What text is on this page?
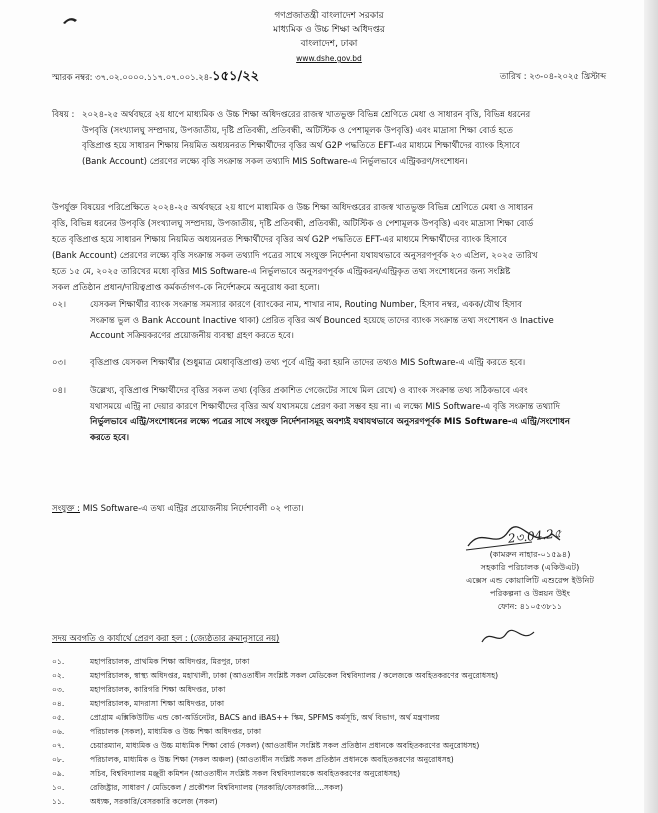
গণপ্রজাতন্ত্রী বাংলাদেশ সরকার
মাধ্যমিক ও উচ্চ শিক্ষা অধিদপ্তর
বাংলাদেশ, ঢাকা
www.dshe.gov.bd
স্মারক নম্বর: ৩৭.০২.০০০০.১১৭.০৭.০০১.২৪-১৫১/২২	তারিখ : ২৩-০৪-২০২৫ খ্রিস্টাব্দ
বিষয় : ২০২৪-২৫ অর্থবছরে ২য় ধাপে মাধ্যমিক ও উচ্চ শিক্ষা অধিদপ্তরের রাজস্ব খাতভুক্ত বিভিন্ন শ্রেণিতে মেধা ও সাধারন বৃত্তি, বিভিন্ন ধরনের
উপবৃত্তি (সংখ্যালঘু সম্প্রদায়, উপজাতীয়, দৃষ্টি প্রতিবন্ধী, প্রতিবন্ধী, অটিস্টিক ও পেশামূলক উপবৃত্তি) এবং মাদ্রাসা শিক্ষা বোর্ড হতে
বৃত্তিপ্রাপ্ত হয়ে সাধারন শিক্ষায় নিয়মিত অধ্যয়নরত শিক্ষার্থীদের বৃত্তির অর্থ G2P পদ্ধতিতে EFT-এর মাধ্যমে শিক্ষার্থীদের ব্যাংক হিসাবে
(Bank Account) প্রেরণের লক্ষ্যে বৃত্তি সংক্রান্ত সকল তথ্যাদি MIS Software-এ নির্ভুলভাবে এন্ট্রিকরণ/সংশোধন।
উপর্যুক্ত বিষয়ের পরিপ্রেক্ষিতে ২০২৪-২৫ অর্থবছরে ২য় ধাপে মাধ্যমিক ও উচ্চ শিক্ষা অধিদপ্তরের রাজস্ব খাতভুক্ত বিভিন্ন শ্রেণিতে মেধা ও সাধারন
বৃত্তি, বিভিন্ন ধরনের উপবৃত্তি (সংখ্যালঘু সম্প্রদায়, উপজাতীয়, দৃষ্টি প্রতিবন্ধী, প্রতিবন্ধী, অটিস্টিক ও পেশামূলক উপবৃত্তি) এবং মাদ্রাসা শিক্ষা বোর্ড
হতে বৃত্তিপ্রাপ্ত হয়ে সাধারন শিক্ষায় নিয়মিত অধ্যয়নরত শিক্ষার্থীদের বৃত্তির অর্থ G2P পদ্ধতিতে EFT-এর মাধ্যমে শিক্ষার্থীদের ব্যাংক হিসাবে
(Bank Account) প্রেরণের লক্ষ্যে বৃত্তি সংক্রান্ত সকল তথ্যাদি পত্রের সাথে সংযুক্ত নির্দেশনা যথাযথভাবে অনুসরণপূর্বক ২৩ এপ্রিল, ২০২৫ তারিখ
হতে ১৫ মে, ২০২৫ তারিখের মধ্যে বৃত্তির MIS Software-এ নির্ভুলভাবে অনুসরণপূর্বক এন্ট্রিকরন/এন্ট্রিকৃত তথ্য সংশোধনের জন্য সংশ্লিষ্ট
সকল প্রতিষ্ঠান প্রধান/দায়িত্বপ্রাপ্ত কর্মকর্তাগণ-কে নির্দেশক্রমে অনুরোধ করা হলো।
০২।	যেসকল শিক্ষার্থীর ব্যাংক সংক্রান্ত সমস্যার কারণে (ব্যাংকের নাম, শাখার নাম, Routing Number, হিসাব নম্বর, একক/যৌথ হিসাব
সংক্রান্ত ভুল ও Bank Account Inactive থাকা) প্রেরিত বৃত্তির অর্থ Bounced হয়েছে তাদের ব্যাংক সংক্রান্ত তথ্য সংশোধন ও Inactive
Account সক্রিয়করণের প্রয়োজনীয় ব্যবস্থা গ্রহণ করতে হবে।
০৩।	বৃত্তিপ্রাপ্ত যেসকল শিক্ষার্থীর (শুধুমাত্র মেধাবৃত্তিপ্রাপ্ত) তথ্য পূর্বে এন্ট্রি করা হয়নি তাদের তথ্যও MIS Software-এ এন্ট্রি করতে হবে।
০৪।	উল্লেখ্য, বৃত্তিপ্রাপ্ত শিক্ষার্থীদের বৃত্তির সকল তথ্য (বৃত্তির প্রকাশিত গেজেটের সাথে মিল রেখে) ও ব্যাংক সংক্রান্ত তথ্য সঠিকভাবে এবং
যথাসময়ে এন্ট্রি না দেয়ার কারণে শিক্ষার্থীদের বৃত্তির অর্থ যথাসময়ে প্রেরণ করা সম্ভব হয় না। এ লক্ষ্যে MIS Software-এ বৃত্তি সংক্রান্ত তথ্যাদি
নির্ভুলভাবে এন্ট্রি/সংশোধনের লক্ষ্যে পত্রের সাথে সংযুক্ত নির্দেশনাসমূহ অবশ্যই যথাযথভাবে অনুসরণপূর্বক MIS Software-এ এন্ট্রি/সংশোধন
করতে হবে।
সংযুক্ত : MIS Software-এ তথ্য এন্ট্রির প্রয়োজনীয় নির্দেশাবলী ০২ পাতা।
2৩.04.2৫
(কামরুন নাহার-০১৫৯৪)
সহকারি পরিচালক (একিউএট)
এক্সেস এন্ড কোয়ালিটি এশুরেন্স ইউনিট
পরিকল্পনা ও উন্নয়ন উইং
ফোন: ৪১০৫৩৮১১
সদয় অবগতি ও কার্যার্থে প্রেরণ করা হল : (জ্যেষ্ঠতার ক্রমানুসারে নয়)
০১.	মহাপরিচালক, প্রাথমিক শিক্ষা অধিদপ্তর, মিরপুর, ঢাকা
০২.	মহাপরিচালক, স্বাস্থ্য অধিদপ্তর, মহাখালী, ঢাকা (আওতাধীন সংশ্লিষ্ট সকল মেডিকেল বিশ্ববিদ্যালয় / কলেজকে অবহিতকরণের অনুরোধসহ)
০৩.	মহাপরিচালক, কারিগরি শিক্ষা অধিদপ্তর, ঢাকা
০৪.	মহাপরিচালক, মাদরাসা শিক্ষা অধিদপ্তর, ঢাকা
০৫.	প্রোগ্রাম এক্সিকিউটিভ এন্ড কো-অর্ডিনেটর, BACS and iBAS++ স্কিম, SPFMS কর্মসূচি, অর্থ বিভাগ, অর্থ মন্ত্রণালয়
০৬.	পরিচালক (সকল), মাধ্যমিক ও উচ্চ শিক্ষা অধিদপ্তর, ঢাকা
০৭.	চেয়ারম্যান, মাধ্যমিক ও উচ্চ মাধ্যমিক শিক্ষা বোর্ড (সকল) (আওতাধীন সংশ্লিষ্ট সকল প্রতিষ্ঠান প্রধানকে অবহিতকরণের অনুরোধসহ)
০৮.	পরিচালক, মাধ্যমিক ও উচ্চ শিক্ষা (সকল অঞ্চল) (আওতাধীন সংশ্লিষ্ট সকল প্রতিষ্ঠান প্রধানকে অবহিতকরণের অনুরোধসহ)
০৯.	সচিব, বিশ্ববিদ্যালয় মঞ্জুরী কমিশন (আওতাধীন সংশ্লিষ্ট সকল বিশ্ববিদ্যালয়কে অবহিতকরণের অনুরোধসহ)
১০.	রেজিষ্ট্রার, সাধারণ / মেডিকেল / প্রকৌশল বিশ্ববিদ্যালয় (সরকারি/বেসরকারি....সকল)
১১.	অধ্যক্ষ, সরকারি/বেসরকারি কলেজ (সকল)
